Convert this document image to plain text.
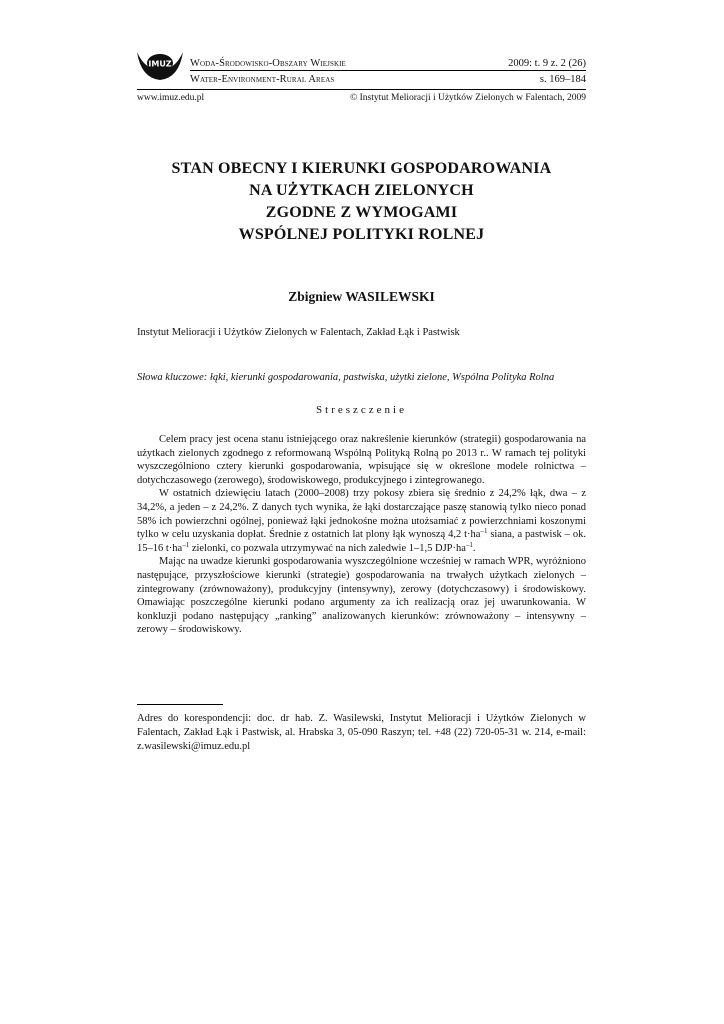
IMUZ Woda-Środowisko-Obszary Wiejskie	2009: t. 9 z. 2 (26)
Water-Environment-Rural Areas	s. 169–184
www.imuz.edu.pl	© Instytut Melioracji i Użytków Zielonych w Falentach, 2009
STAN OBECNY I KIERUNKI GOSPODAROWANIA
NA UŻYTKACH ZIELONYCH
ZGODNE Z WYMOGAMI
WSPÓLNEJ POLITYKI ROLNEJ
Zbigniew WASILEWSKI
Instytut Melioracji i Użytków Zielonych w Falentach, Zakład Łąk i Pastwisk
Słowa kluczowe: łąki, kierunki gospodarowania, pastwiska, użytki zielone, Wspólna Polityka Rolna
Streszczenie

Celem pracy jest ocena stanu istniejącego oraz nakreślenie kierunków (strategii) gospodarowania na użytkach zielonych zgodnego z reformowaną Wspólną Polityką Rolną po 2013 r.. W ramach tej polityki wyszczególniono cztery kierunki gospodarowania, wpisujące się w określone modele rolnictwa – dotychczasowego (zerowego), środowiskowego, produkcyjnego i zintegrowanego.

W ostatnich dziewięciu latach (2000–2008) trzy pokosy zbiera się średnio z 24,2% łąk, dwa – z 34,2%, a jeden – z 24,2%. Z danych tych wynika, że łąki dostarczające paszę stanowią tylko nieco ponad 58% ich powierzchni ogólnej, ponieważ łąki jednokośne można utożsamiać z powierzchniami koszonymi tylko w celu uzyskania dopłat. Średnie z ostatnich lat plony łąk wynoszą 4,2 $t\cdot ha^{-1}$ siana, a pastwisk – ok. 15–16 $t\cdot ha^{-1}$ zielonki, co pozwala utrzymywać na nich zaledwie 1–1,5 $DJP\cdot ha^{-1}$.

Mając na uwadze kierunki gospodarowania wyszczególnione wcześniej w ramach WPR, wyróżniono następujące, przyszłościowe kierunki (strategie) gospodarowania na trwałych użytkach zielonych – zintegrowany (zrównoważony), produkcyjny (intensywny), zerowy (dotychczasowy) i środowiskowy. Omawiając poszczególne kierunki podano argumenty za ich realizacją oraz jej uwarunkowania. W konkluzji podano następujący „ranking” analizowanych kierunków: zrównoważony – intensywny – zerowy – środowiskowy.

Adres do korespondencji: doc. dr hab. Z. Wasilewski, Instytut Melioracji i Użytków Zielonych w Falentach, Zakład Łąk i Pastwisk, al. Hrabska 3, 05-090 Raszyn; tel. +48 (22) 720-05-31 w. 214, e-mail: z.wasilewski@imuz.edu.pl
